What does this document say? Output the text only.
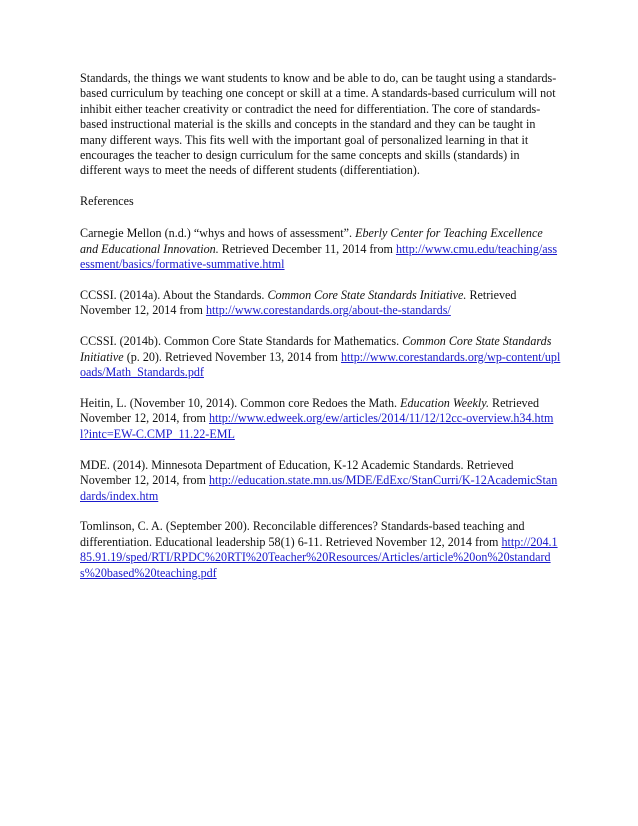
Standards, the things we want students to know and be able to do, can be taught using a standards-based curriculum by teaching one concept or skill at a time. A standards-based curriculum will not inhibit either teacher creativity or contradict the need for differentiation. The core of standards-based instructional material is the skills and concepts in the standard and they can be taught in many different ways. This fits well with the important goal of personalized learning in that it encourages the teacher to design curriculum for the same concepts and skills (standards) in different ways to meet the needs of different students (differentiation).

References

Carnegie Mellon (n.d.) “whys and hows of assessment”. Eberly Center for Teaching Excellence and Educational Innovation. Retrieved December 11, 2014 from http://www.cmu.edu/teaching/assessment/basics/formative-summative.html

CCSSI. (2014a). About the Standards. Common Core State Standards Initiative. Retrieved November 12, 2014 from http://www.corestandards.org/about-the-standards/

CCSSI. (2014b). Common Core State Standards for Mathematics. Common Core State Standards Initiative (p. 20). Retrieved November 13, 2014 from http://www.corestandards.org/wp-content/uploads/Math_Standards.pdf

Heitin, L. (November 10, 2014). Common core Redoes the Math. Education Weekly. Retrieved November 12, 2014, from http://www.edweek.org/ew/articles/2014/11/12/12cc-overview.h34.html?intc=EW-C.CMP_11.22-EML

MDE. (2014). Minnesota Department of Education, K-12 Academic Standards. Retrieved November 12, 2014, from http://education.state.mn.us/MDE/EdExc/StanCurri/K-12AcademicStandards/index.htm

Tomlinson, C. A. (September 200). Reconcilable differences? Standards-based teaching and differentiation. Educational leadership 58(1) 6-11. Retrieved November 12, 2014 from http://204.185.91.19/sped/RTI/RPDC%20RTI%20Teacher%20Resources/Articles/article%20on%20standards%20based%20teaching.pdf
